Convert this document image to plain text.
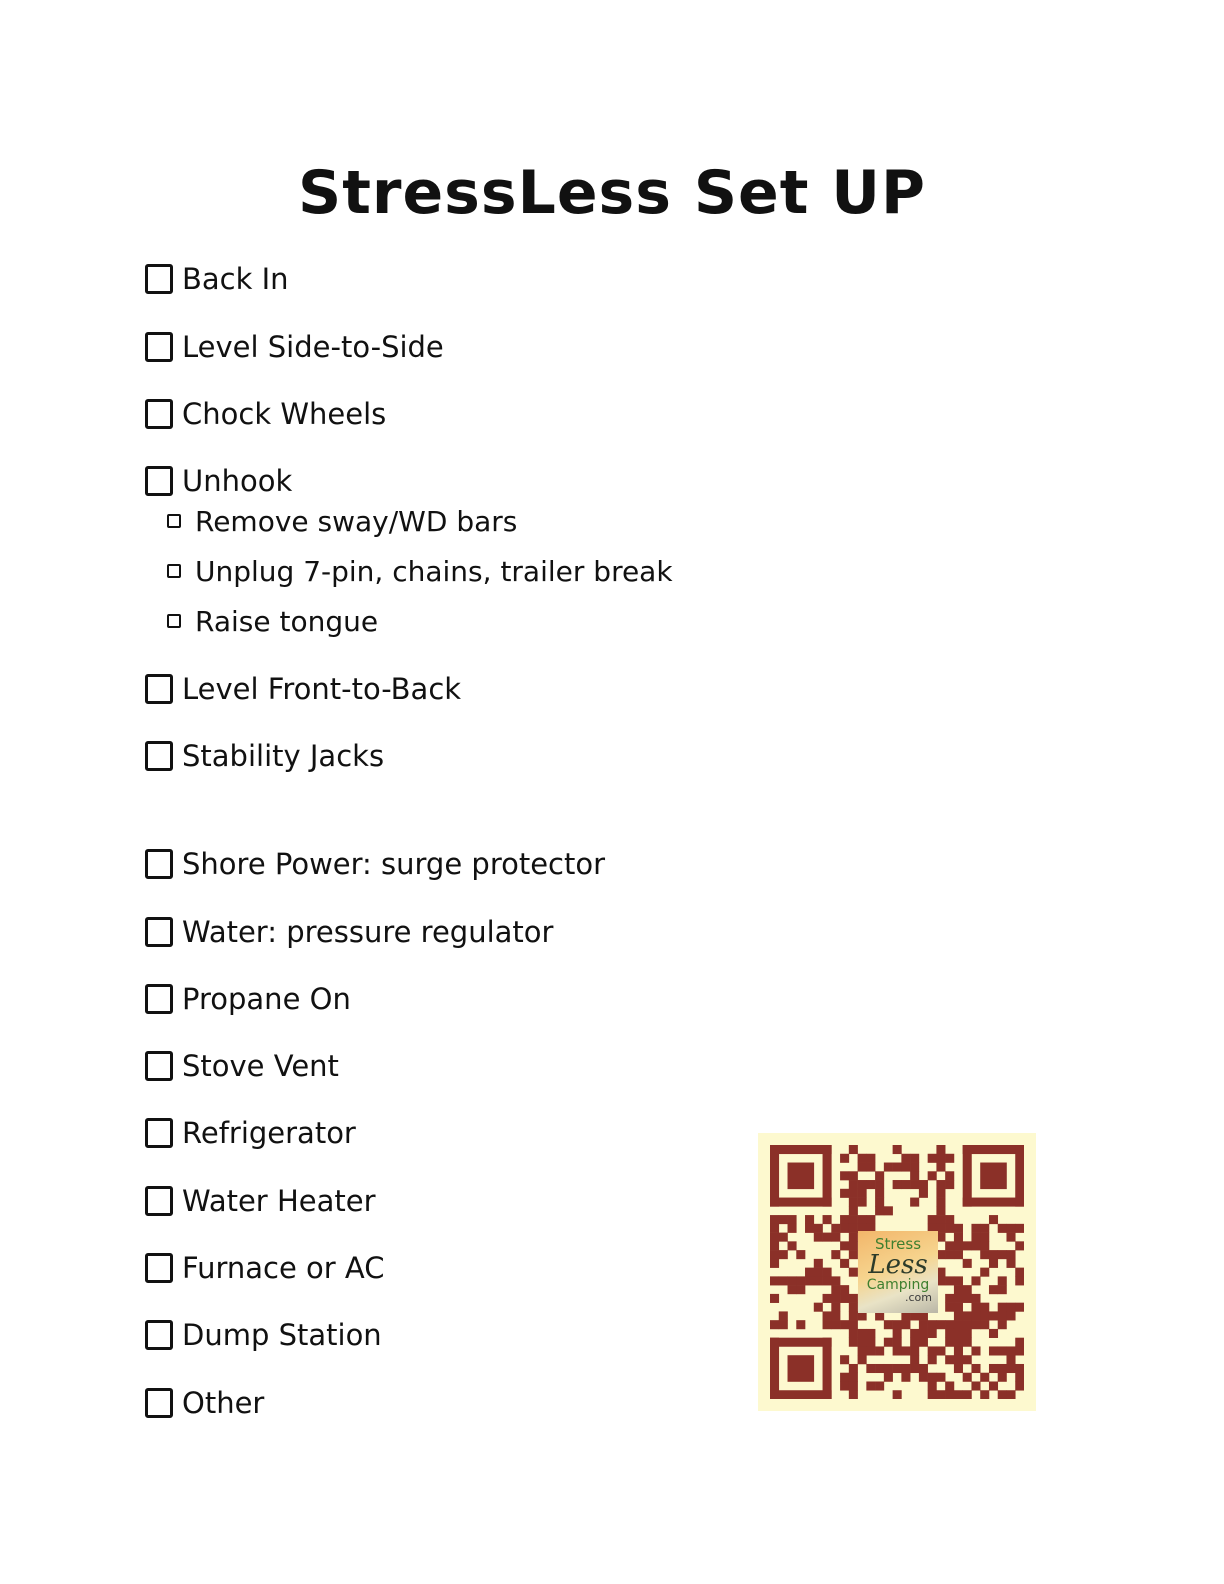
StressLess Set UP
Back In
Level Side-to-Side
Chock Wheels
Unhook
Remove sway/WD bars
Unplug 7-pin, chains, trailer break
Raise tongue
Level Front-to-Back
Stability Jacks
Shore Power: surge protector
Water: pressure regulator
Propane On
Stove Vent
Refrigerator
Water Heater
Furnace or AC
Dump Station
Other
Stress
Less
Camping
.com
